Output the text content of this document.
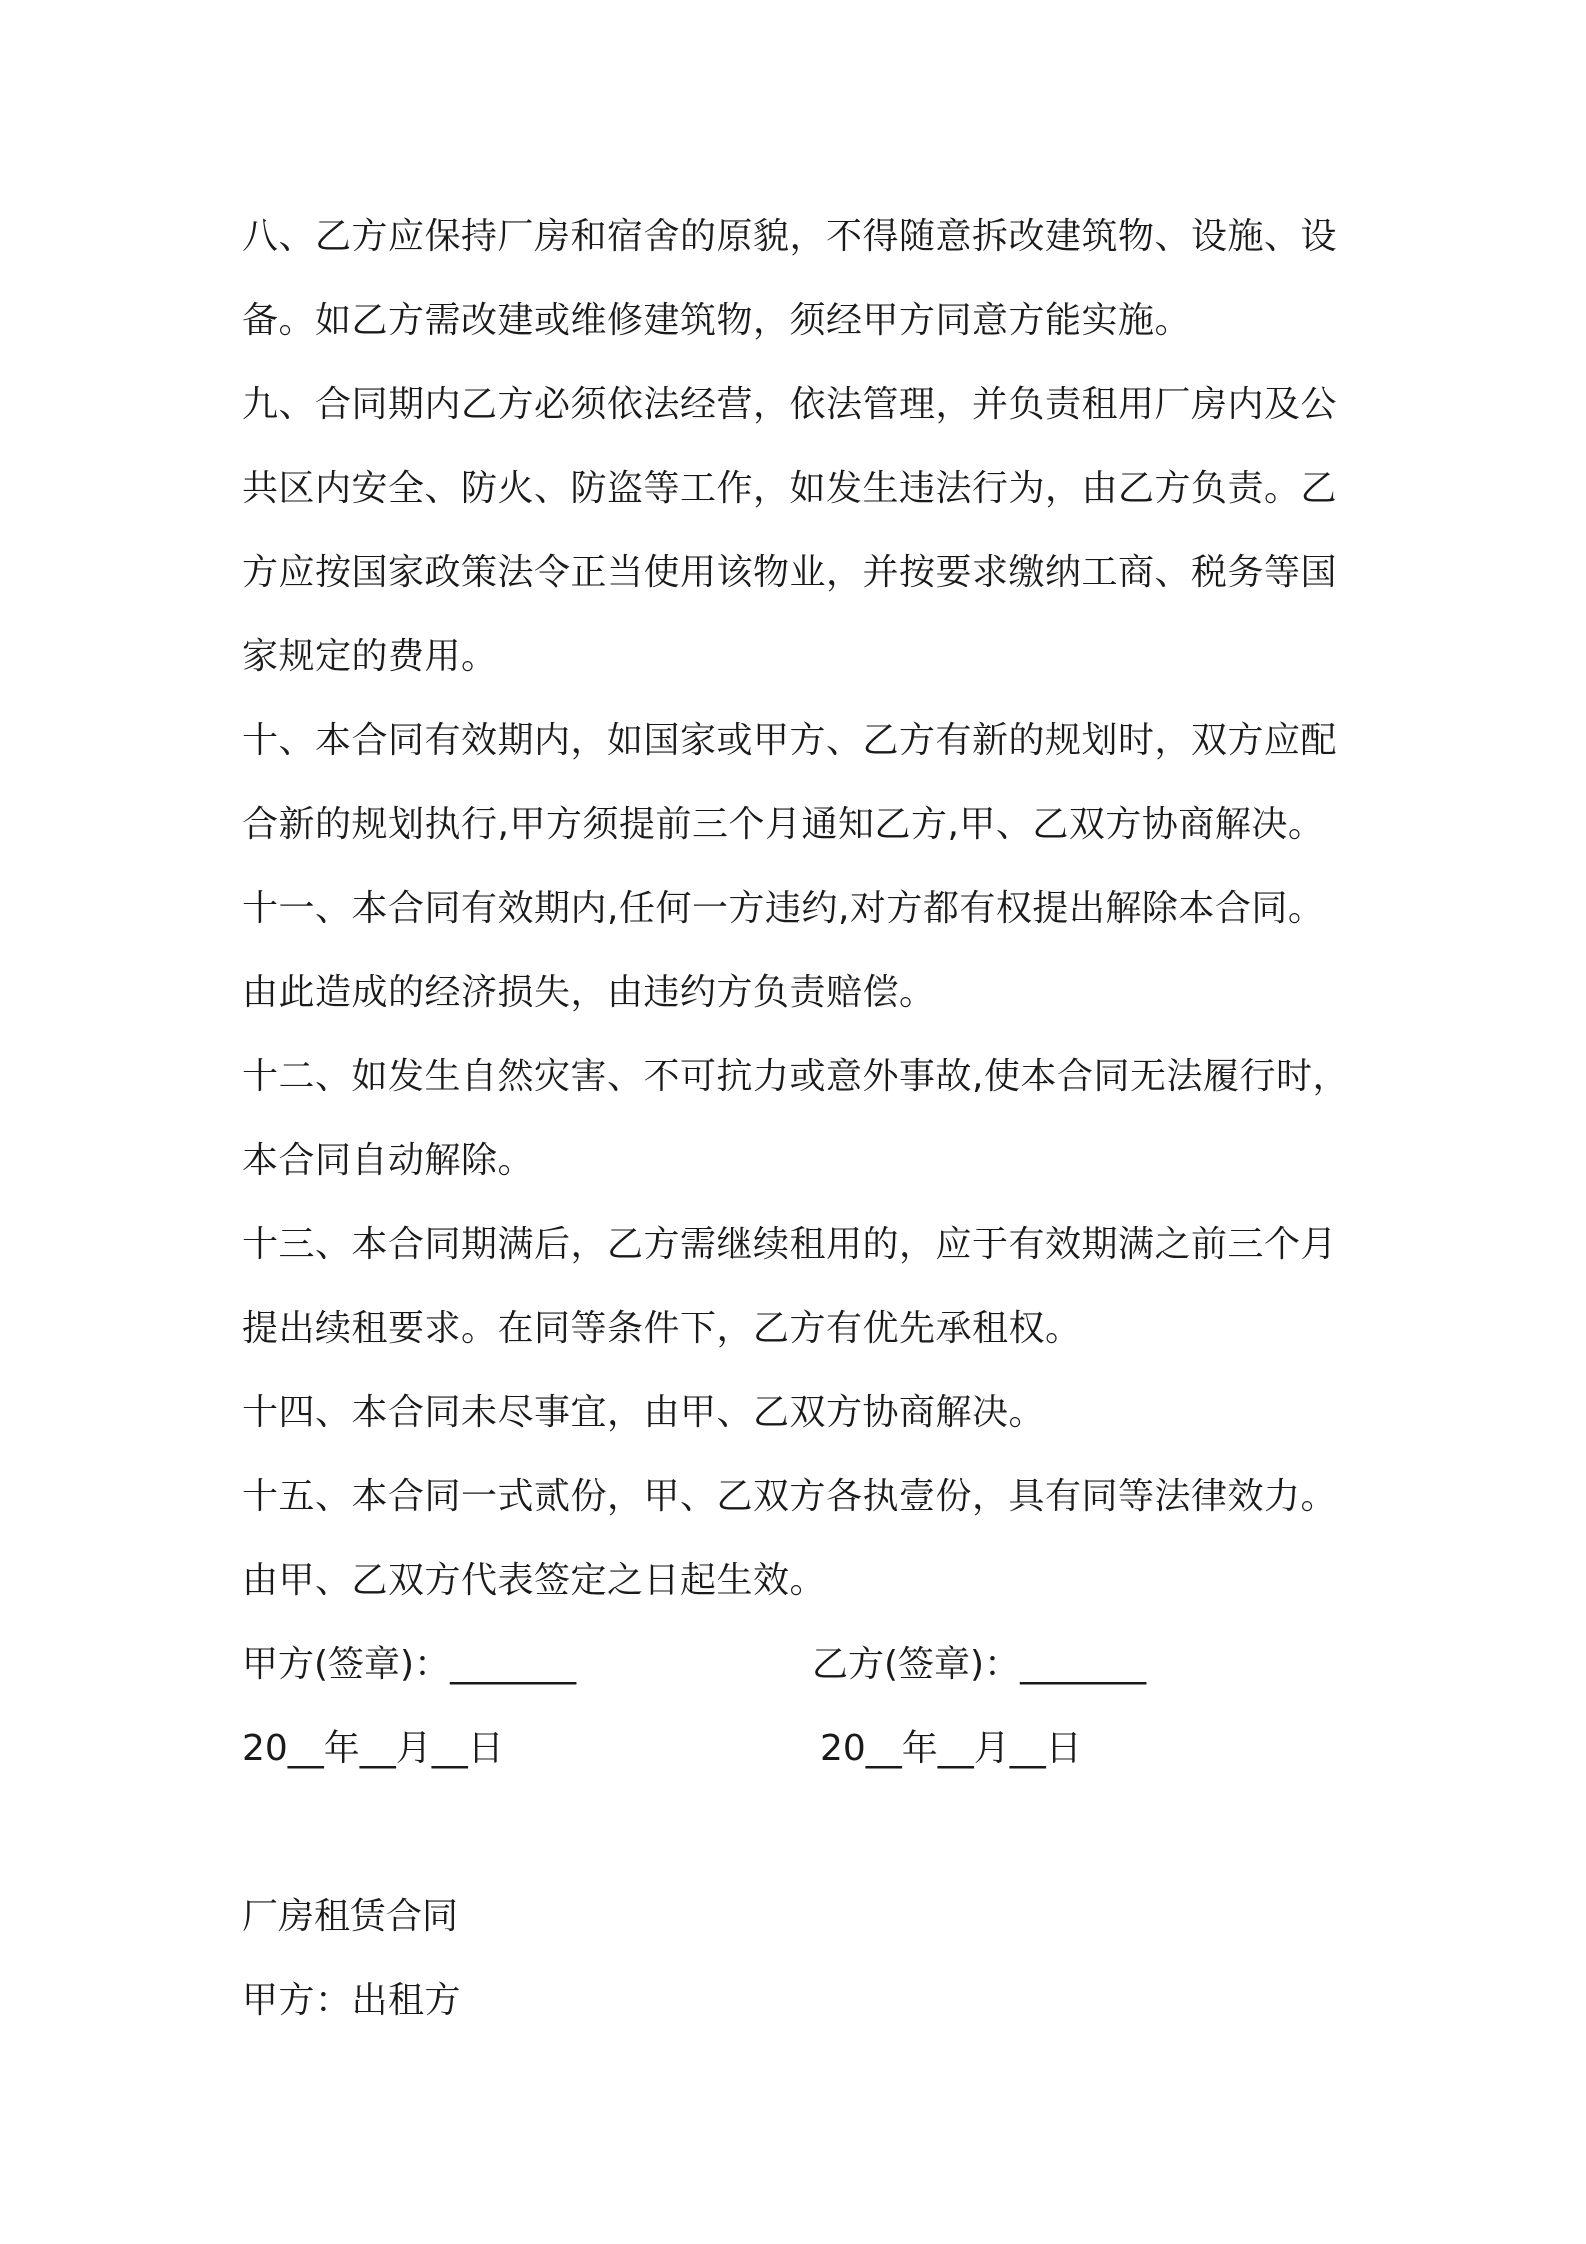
八、乙方应保持厂房和宿舍的原貌，不得随意拆改建筑物、设施、设
备。如乙方需改建或维修建筑物，须经甲方同意方能实施。
九、合同期内乙方必须依法经营，依法管理，并负责租用厂房内及公
共区内安全、防火、防盗等工作，如发生违法行为，由乙方负责。乙
方应按国家政策法令正当使用该物业，并按要求缴纳工商、税务等国
家规定的费用。
十、本合同有效期内，如国家或甲方、乙方有新的规划时，双方应配
合新的规划执行,甲方须提前三个月通知乙方,甲、乙双方协商解决。
十一、本合同有效期内,任何一方违约,对方都有权提出解除本合同。
由此造成的经济损失，由违约方负责赔偿。
十二、如发生自然灾害、不可抗力或意外事故,使本合同无法履行时，
本合同自动解除。
十三、本合同期满后，乙方需继续租用的，应于有效期满之前三个月
提出续租要求。在同等条件下，乙方有优先承租权。
十四、本合同未尽事宜，由甲、乙双方协商解决。
十五、本合同一式贰份，甲、乙双方各执壹份，具有同等法律效力。
由甲、乙双方代表签定之日起生效。
甲方(签章)：_______	乙方(签章)：_______
20__年__月__日	20__年__月__日
厂房租赁合同
甲方：出租方
